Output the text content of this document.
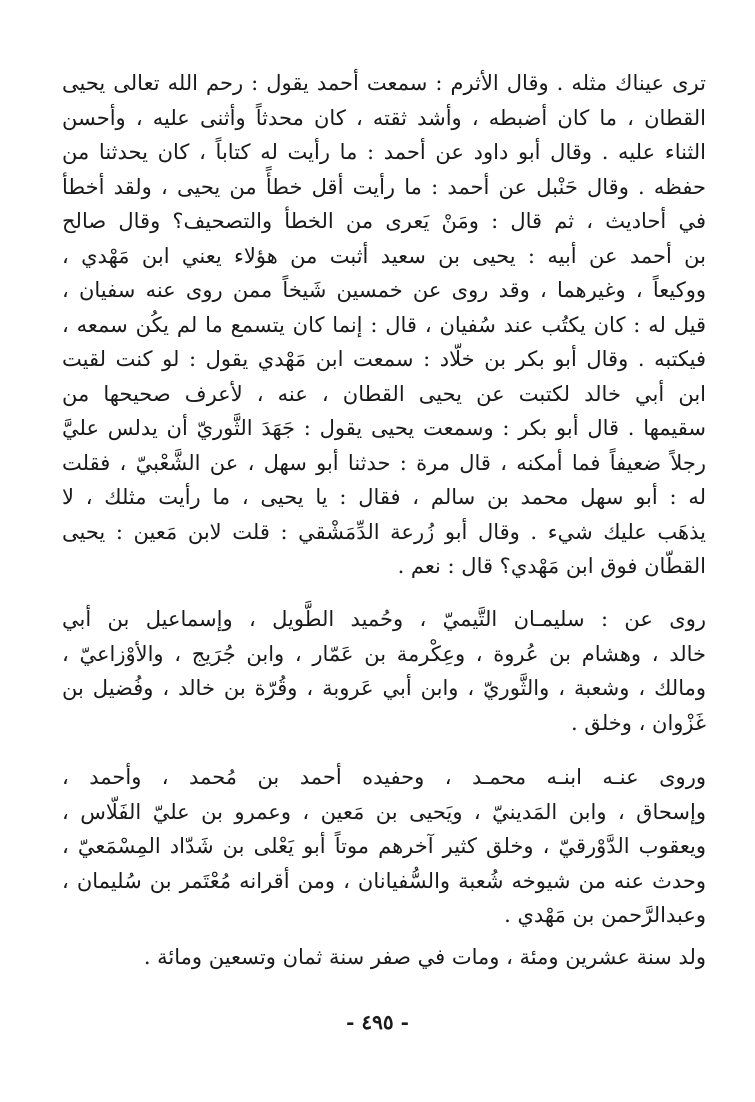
ترى عيناك مثله . وقال الأثرم : سمعت أحمد يقول : رحم الله تعالى يحيى
القطان ، ما كان أضبطه ، وأشد ثقته ، كان محدثاً وأثنى عليه ، وأحسن
الثناء عليه . وقال أبو داود عن أحمد : ما رأيت له كتاباً ، كان يحدثنا من
حفظه . وقال حَنْبل عن أحمد : ما رأيت أقل خطأً من يحيى ، ولقد أخطأ
في أحاديث ، ثم قال : ومَنْ يَعرى من الخطأ والتصحيف؟ وقال صالح
بن أحمد عن أبيه : يحيى بن سعيد أثبت من هؤلاء يعني ابن مَهْدي ،
ووكيعاً ، وغيرهما ، وقد روى عن خمسين شَيخاً ممن روى عنه سفيان ،
قيل له : كان يكتُب عند سُفيان ، قال : إنما كان يتسمع ما لم يكُن سمعه ،
فيكتبه . وقال أبو بكر بن خلّاد : سمعت ابن مَهْدي يقول : لو كنت لقيت
ابن أبي خالد لكتبت عن يحيى القطان ، عنه ، لأعرف صحيحها من
سقيمها . قال أبو بكر : وسمعت يحيى يقول : جَهَدَ الثَّوريّ أن يدلس عليَّ
رجلاً ضعيفاً فما أمكنه ، قال مرة : حدثنا أبو سهل ، عن الشَّعْبيّ ، فقلت
له : أبو سهل محمد بن سالم ، فقال : يا يحيى ، ما رأيت مثلك ، لا
يذهَب عليك شيء . وقال أبو زُرعة الدِّمَشْقي : قلت لابن مَعين : يحيى
القطّان فوق ابن مَهْدي؟ قال : نعم .
روى عن : سليمـان التَّيميّ ، وحُميد الطَّويل ، وإسماعيل بن أبي
خالد ، وهشام بن عُروة ، وعِكْرمة بن عَمّار ، وابن جُرَيج ، والأوْزاعيّ ،
ومالك ، وشعبة ، والثَّوريّ ، وابن أبي عَروبة ، وقُرّة بن خالد ، وفُضيل بن
غَزْوان ، وخلق .
وروى عنـه ابنـه محمـد ، وحفيده أحمد بن مُحمد ، وأحمد ،
وإسحاق ، وابن المَدينيّ ، ويَحيى بن مَعين ، وعمرو بن عليّ الفَلّاس ،
ويعقوب الدَّوْرقيّ ، وخلق كثير آخرهم موتاً أبو يَعْلى بن شَدّاد المِسْمَعيّ ،
وحدث عنه من شيوخه شُعبة والسُّفيانان ، ومن أقرانه مُعْتَمر بن سُليمان ،
وعبدالرَّحمن بن مَهْدي .
ولد سنة عشرين ومئة ، ومات في صفر سنة ثمان وتسعين ومائة .
- ٤٩٥ -
